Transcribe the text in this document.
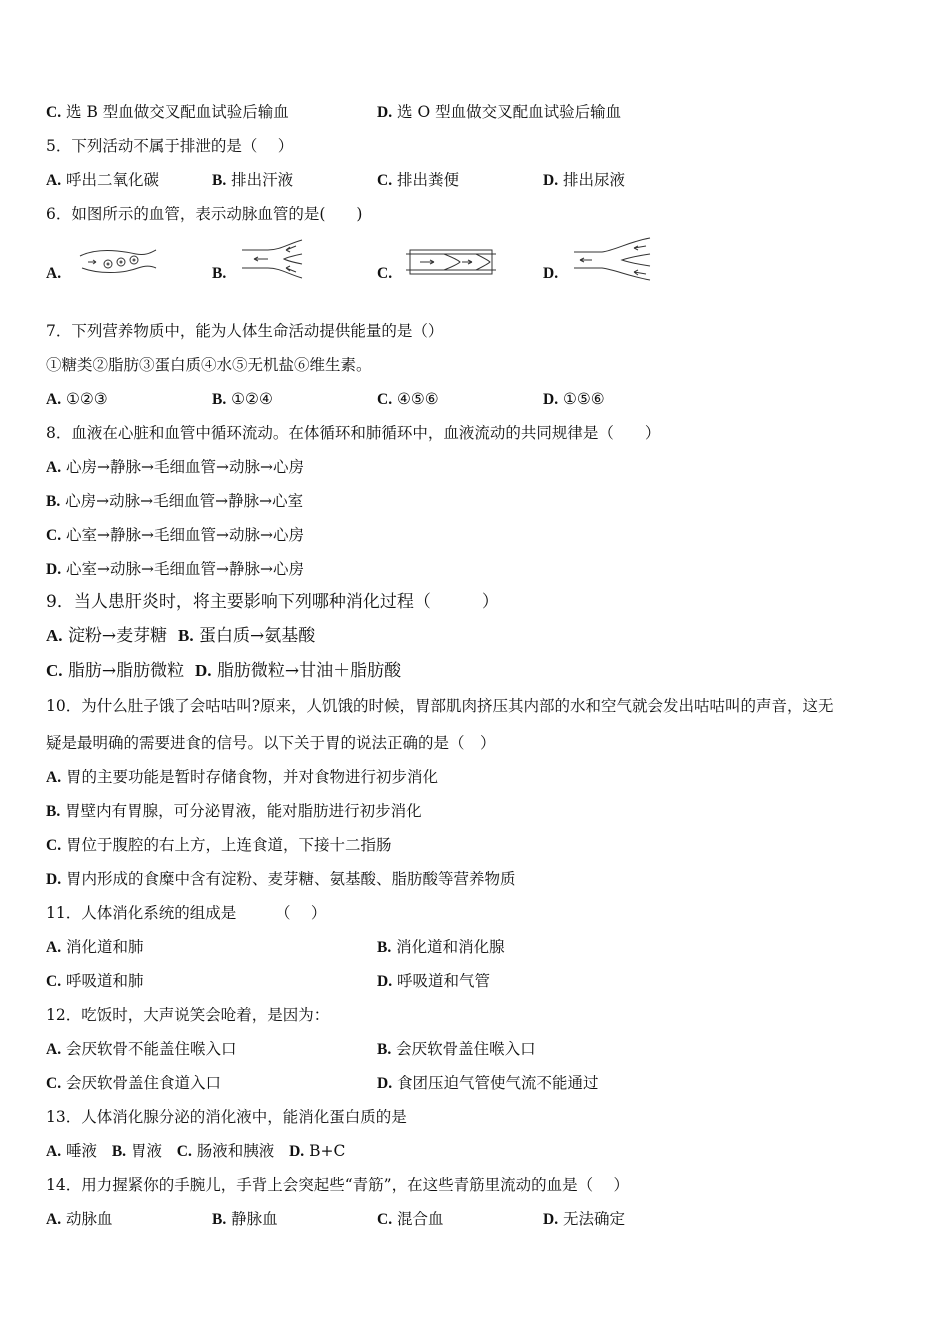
C. 选 B 型血做交叉配血试验后输血	D. 选 O 型血做交叉配血试验后输血
5．下列活动不属于排泄的是（　 ）
A. 呼出二氧化碳	B. 排出汗液	C. 排出粪便	D. 排出尿液
6．如图所示的血管，表示动脉血管的是(　　)
A.	B.	C.	D.
7．下列营养物质中，能为人体生命活动提供能量的是（）
①糖类②脂肪③蛋白质④水⑤无机盐⑥维生素。
A. ①②③	B. ①②④	C. ④⑤⑥	D. ①⑤⑥
8．血液在心脏和血管中循环流动。在体循环和肺循环中，血液流动的共同规律是（　　）
A. 心房→静脉→毛细血管→动脉→心房
B. 心房→动脉→毛细血管→静脉→心室
C. 心室→静脉→毛细血管→动脉→心房
D. 心室→动脉→毛细血管→静脉→心房
9．当人患肝炎时，将主要影响下列哪种消化过程（　　　）
A. 淀粉→麦芽糖 B. 蛋白质→氨基酸
C. 脂肪→脂肪微粒 D. 脂肪微粒→甘油＋脂肪酸
10．为什么肚子饿了会咕咕叫?原来，人饥饿的时候，胃部肌肉挤压其内部的水和空气就会发出咕咕叫的声音，这无
疑是最明确的需要进食的信号。以下关于胃的说法正确的是（　）
A. 胃的主要功能是暂时存储食物，并对食物进行初步消化
B. 胃壁内有胃腺，可分泌胃液，能对脂肪进行初步消化
C. 胃位于腹腔的右上方，上连食道，下接十二指肠
D. 胃内形成的食糜中含有淀粉、麦芽糖、氨基酸、脂肪酸等营养物质
11．人体消化系统的组成是　　　（　 ）
A. 消化道和肺	B. 消化道和消化腺
C. 呼吸道和肺	D. 呼吸道和气管
12．吃饭时，大声说笑会呛着，是因为：
A. 会厌软骨不能盖住喉入口	B. 会厌软骨盖住喉入口
C. 会厌软骨盖住食道入口	D. 食团压迫气管使气流不能通过
13．人体消化腺分泌的消化液中，能消化蛋白质的是
A. 唾液 B. 胃液 C. 肠液和胰液 D. B+C
14．用力握紧你的手腕儿，手背上会突起些“青筋”，在这些青筋里流动的血是（　 ）
A. 动脉血	B. 静脉血	C. 混合血	D. 无法确定
